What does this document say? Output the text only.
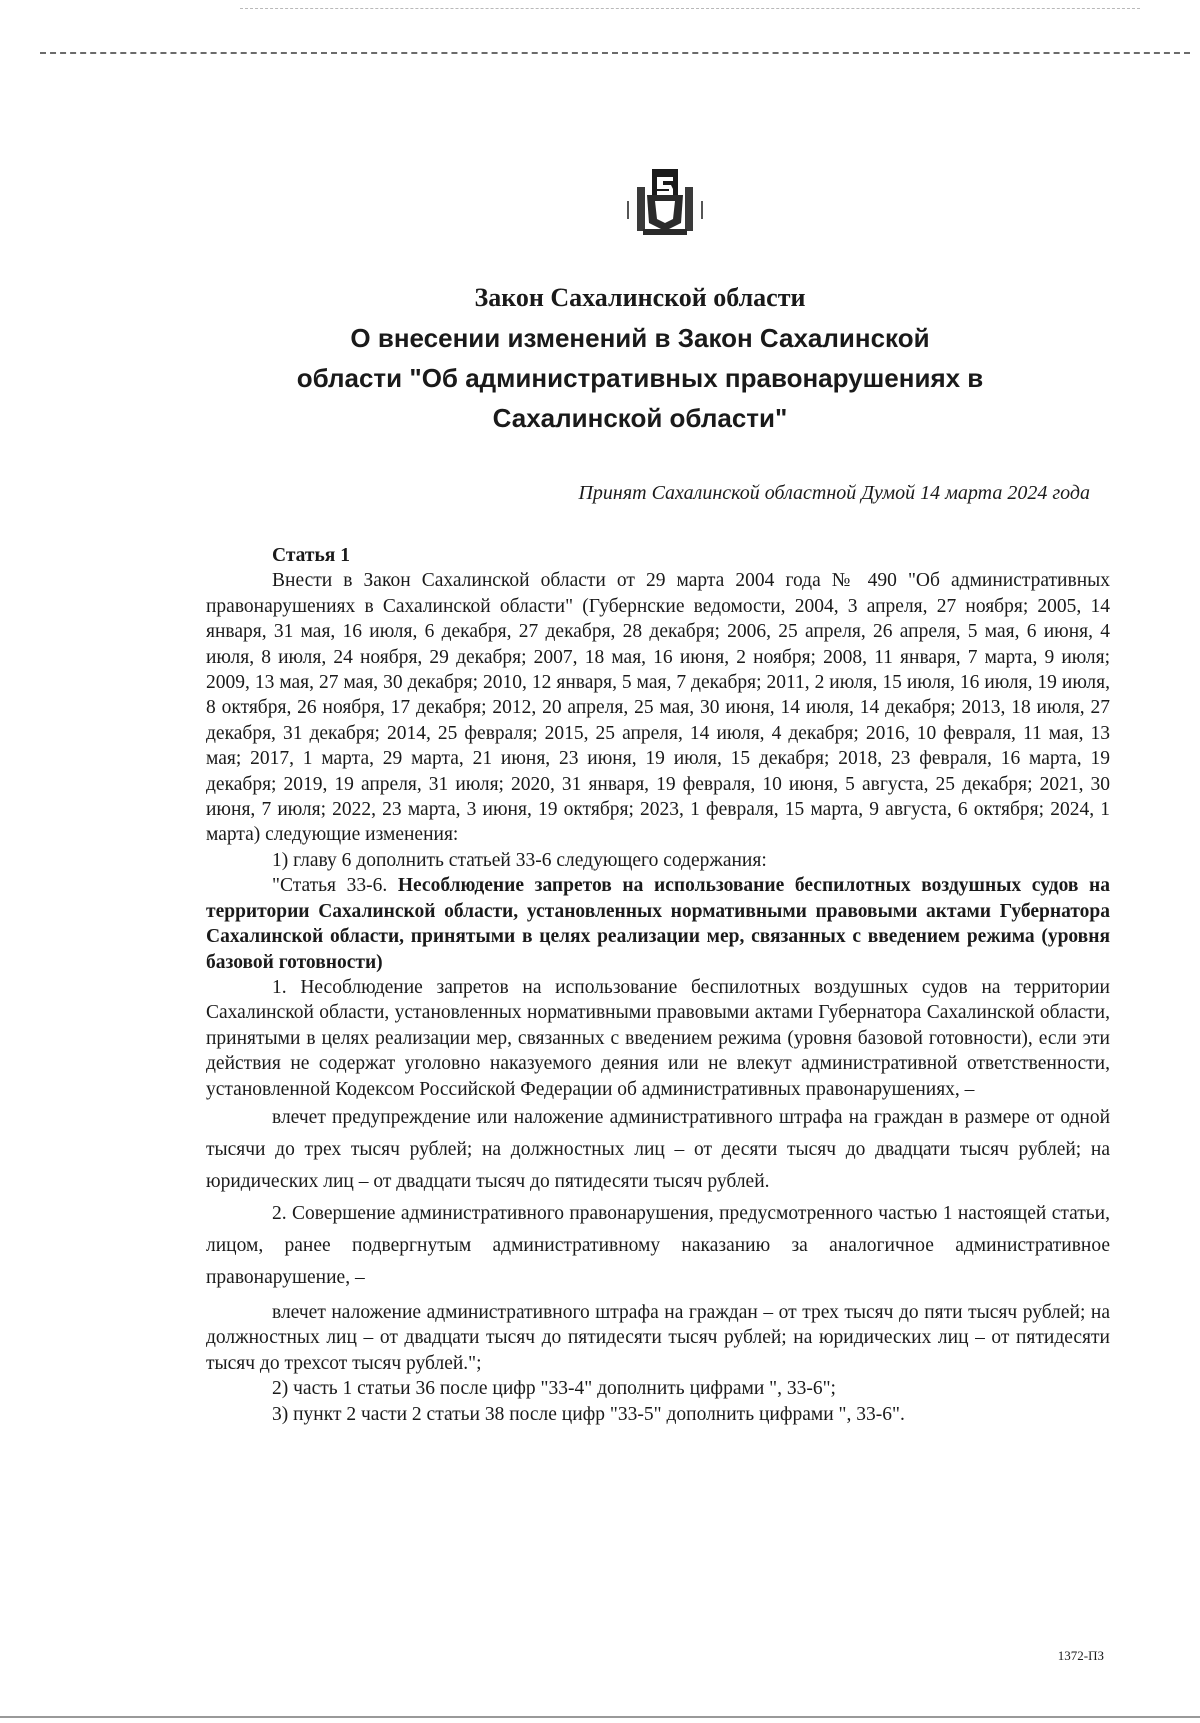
Закон Сахалинской области
О внесении изменений в Закон Сахалинской
области "Об административных правонарушениях в
Сахалинской области"
Принят Сахалинской областной Думой 14 марта 2024 года

Статья 1

Внести в Закон Сахалинской области от 29 марта 2004 года № 490 "Об административных правонарушениях в Сахалинской области" (Губернские ведомости, 2004, 3 апреля, 27 ноября; 2005, 14 января, 31 мая, 16 июля, 6 декабря, 27 декабря, 28 декабря; 2006, 25 апреля, 26 апреля, 5 мая, 6 июня, 4 июля, 8 июля, 24 ноября, 29 декабря; 2007, 18 мая, 16 июня, 2 ноября; 2008, 11 января, 7 марта, 9 июля; 2009, 13 мая, 27 мая, 30 декабря; 2010, 12 января, 5 мая, 7 декабря; 2011, 2 июля, 15 июля, 16 июля, 19 июля, 8 октября, 26 ноября, 17 декабря; 2012, 20 апреля, 25 мая, 30 июня, 14 июля, 14 декабря; 2013, 18 июля, 27 декабря, 31 декабря; 2014, 25 февраля; 2015, 25 апреля, 14 июля, 4 декабря; 2016, 10 февраля, 11 мая, 13 мая; 2017, 1 марта, 29 марта, 21 июня, 23 июня, 19 июля, 15 декабря; 2018, 23 февраля, 16 марта, 19 декабря; 2019, 19 апреля, 31 июля; 2020, 31 января, 19 февраля, 10 июня, 5 августа, 25 декабря; 2021, 30 июня, 7 июля; 2022, 23 марта, 3 июня, 19 октября; 2023, 1 февраля, 15 марта, 9 августа, 6 октября; 2024, 1 марта) следующие изменения:

1) главу 6 дополнить статьей 33-6 следующего содержания:

"Статья 33-6. Несоблюдение запретов на использование беспилотных воздушных судов на территории Сахалинской области, установленных нормативными правовыми актами Губернатора Сахалинской области, принятыми в целях реализации мер, связанных с введением режима (уровня базовой готовности)

1. Несоблюдение запретов на использование беспилотных воздушных судов на территории Сахалинской области, установленных нормативными правовыми актами Губернатора Сахалинской области, принятыми в целях реализации мер, связанных с введением режима (уровня базовой готовности), если эти действия не содержат уголовно наказуемого деяния или не влекут административной ответственности, установленной Кодексом Российской Федерации об административных правонарушениях, –

влечет предупреждение или наложение административного штрафа на граждан в размере от одной тысячи до трех тысяч рублей; на должностных лиц – от десяти тысяч до двадцати тысяч рублей; на юридических лиц – от двадцати тысяч до пятидесяти тысяч рублей.

2. Совершение административного правонарушения, предусмотренного частью 1 настоящей статьи, лицом, ранее подвергнутым административному наказанию за аналогичное административное правонарушение, –

влечет наложение административного штрафа на граждан – от трех тысяч до пяти тысяч рублей; на должностных лиц – от двадцати тысяч до пятидесяти тысяч рублей; на юридических лиц – от пятидесяти тысяч до трехсот тысяч рублей.";

2) часть 1 статьи 36 после цифр "33-4" дополнить цифрами ", 33-6";

3) пункт 2 части 2 статьи 38 после цифр "33-5" дополнить цифрами ", 33-6".

1372-ПЗ
